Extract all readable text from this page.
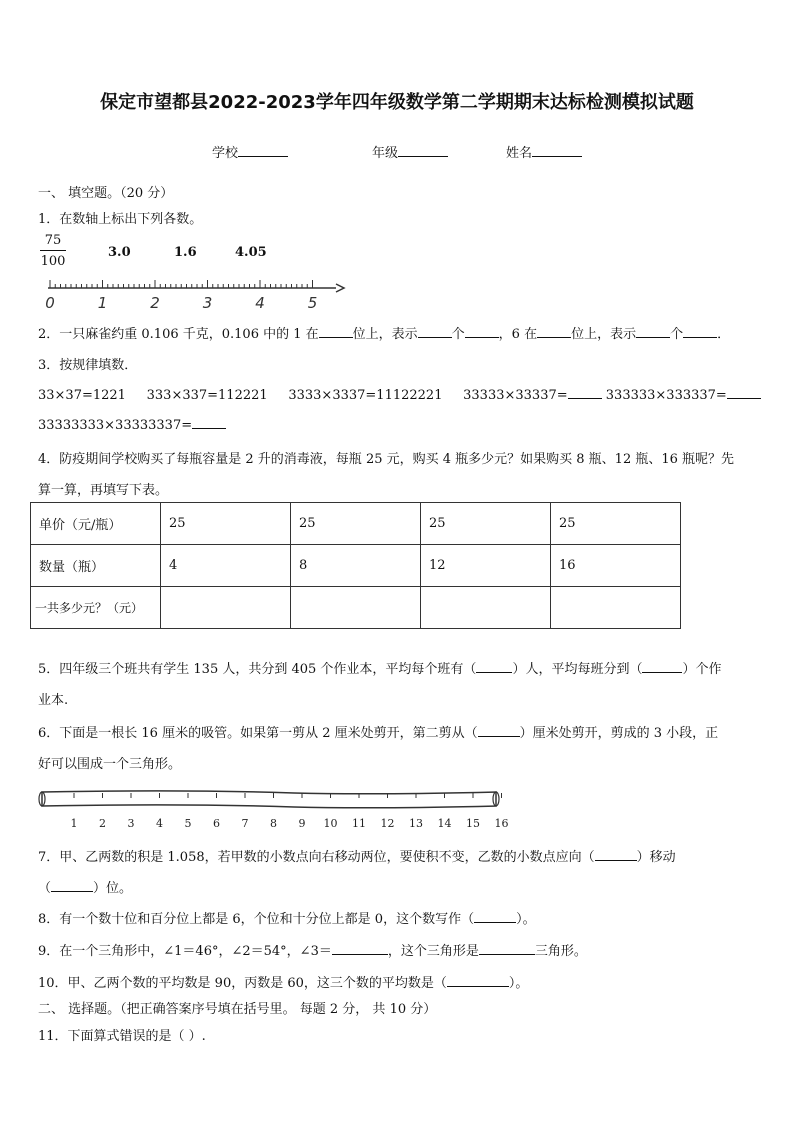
保定市望都县2022-2023学年四年级数学第二学期期末达标检测模拟试题
学校	年级	姓名
一、 填空题。（20 分）
1．在数轴上标出下列各数。
$\frac{75}{100}$	3.0	1.6	4.05
0	1	2	3	4	5
2．一只麻雀约重 0.106 千克，0.106 中的 1 在	位上，表示	个	，6 在	位上，表示	个	．
3．按规律填数．
33×37=1221 333×337=112221 3333×3337=11122221 33333×33337=	333333×333337=
33333333×33333337=
4．防疫期间学校购买了每瓶容量是 2 升的消毒液，每瓶 25 元，购买 4 瓶多少元？如果购买 8 瓶、12 瓶、16 瓶呢？先
算一算，再填写下表。
单价（元/瓶）	25	25	25	25
数量（瓶）	4	8	12	16
一共多少元？（元）				
5．四年级三个班共有学生 135 人，共分到 405 个作业本，平均每个班有（	）人，平均每班分到（	）个作
业本.
6．下面是一根长 16 厘米的吸管。如果第一剪从 2 厘米处剪开，第二剪从（	）厘米处剪开，剪成的 3 小段，正
好可以围成一个三角形。
1 2 3 4 5 6 7 8 9 10 11 12 13 14 15 16
7．甲、乙两数的积是 1.058，若甲数的小数点向右移动两位，要使积不变，乙数的小数点应向（	）移动
（	）位。
8．有一个数十位和百分位上都是 6，个位和十分位上都是 0，这个数写作（	）。
9．在一个三角形中，∠1＝46°，∠2＝54°，∠3＝	，这个三角形是	三角形。
10．甲、乙两个数的平均数是 90，丙数是 60，这三个数的平均数是（	）。
二、 选择题。（把正确答案序号填在括号里。 每题 2 分， 共 10 分）
11．下面算式错误的是（ ）.
